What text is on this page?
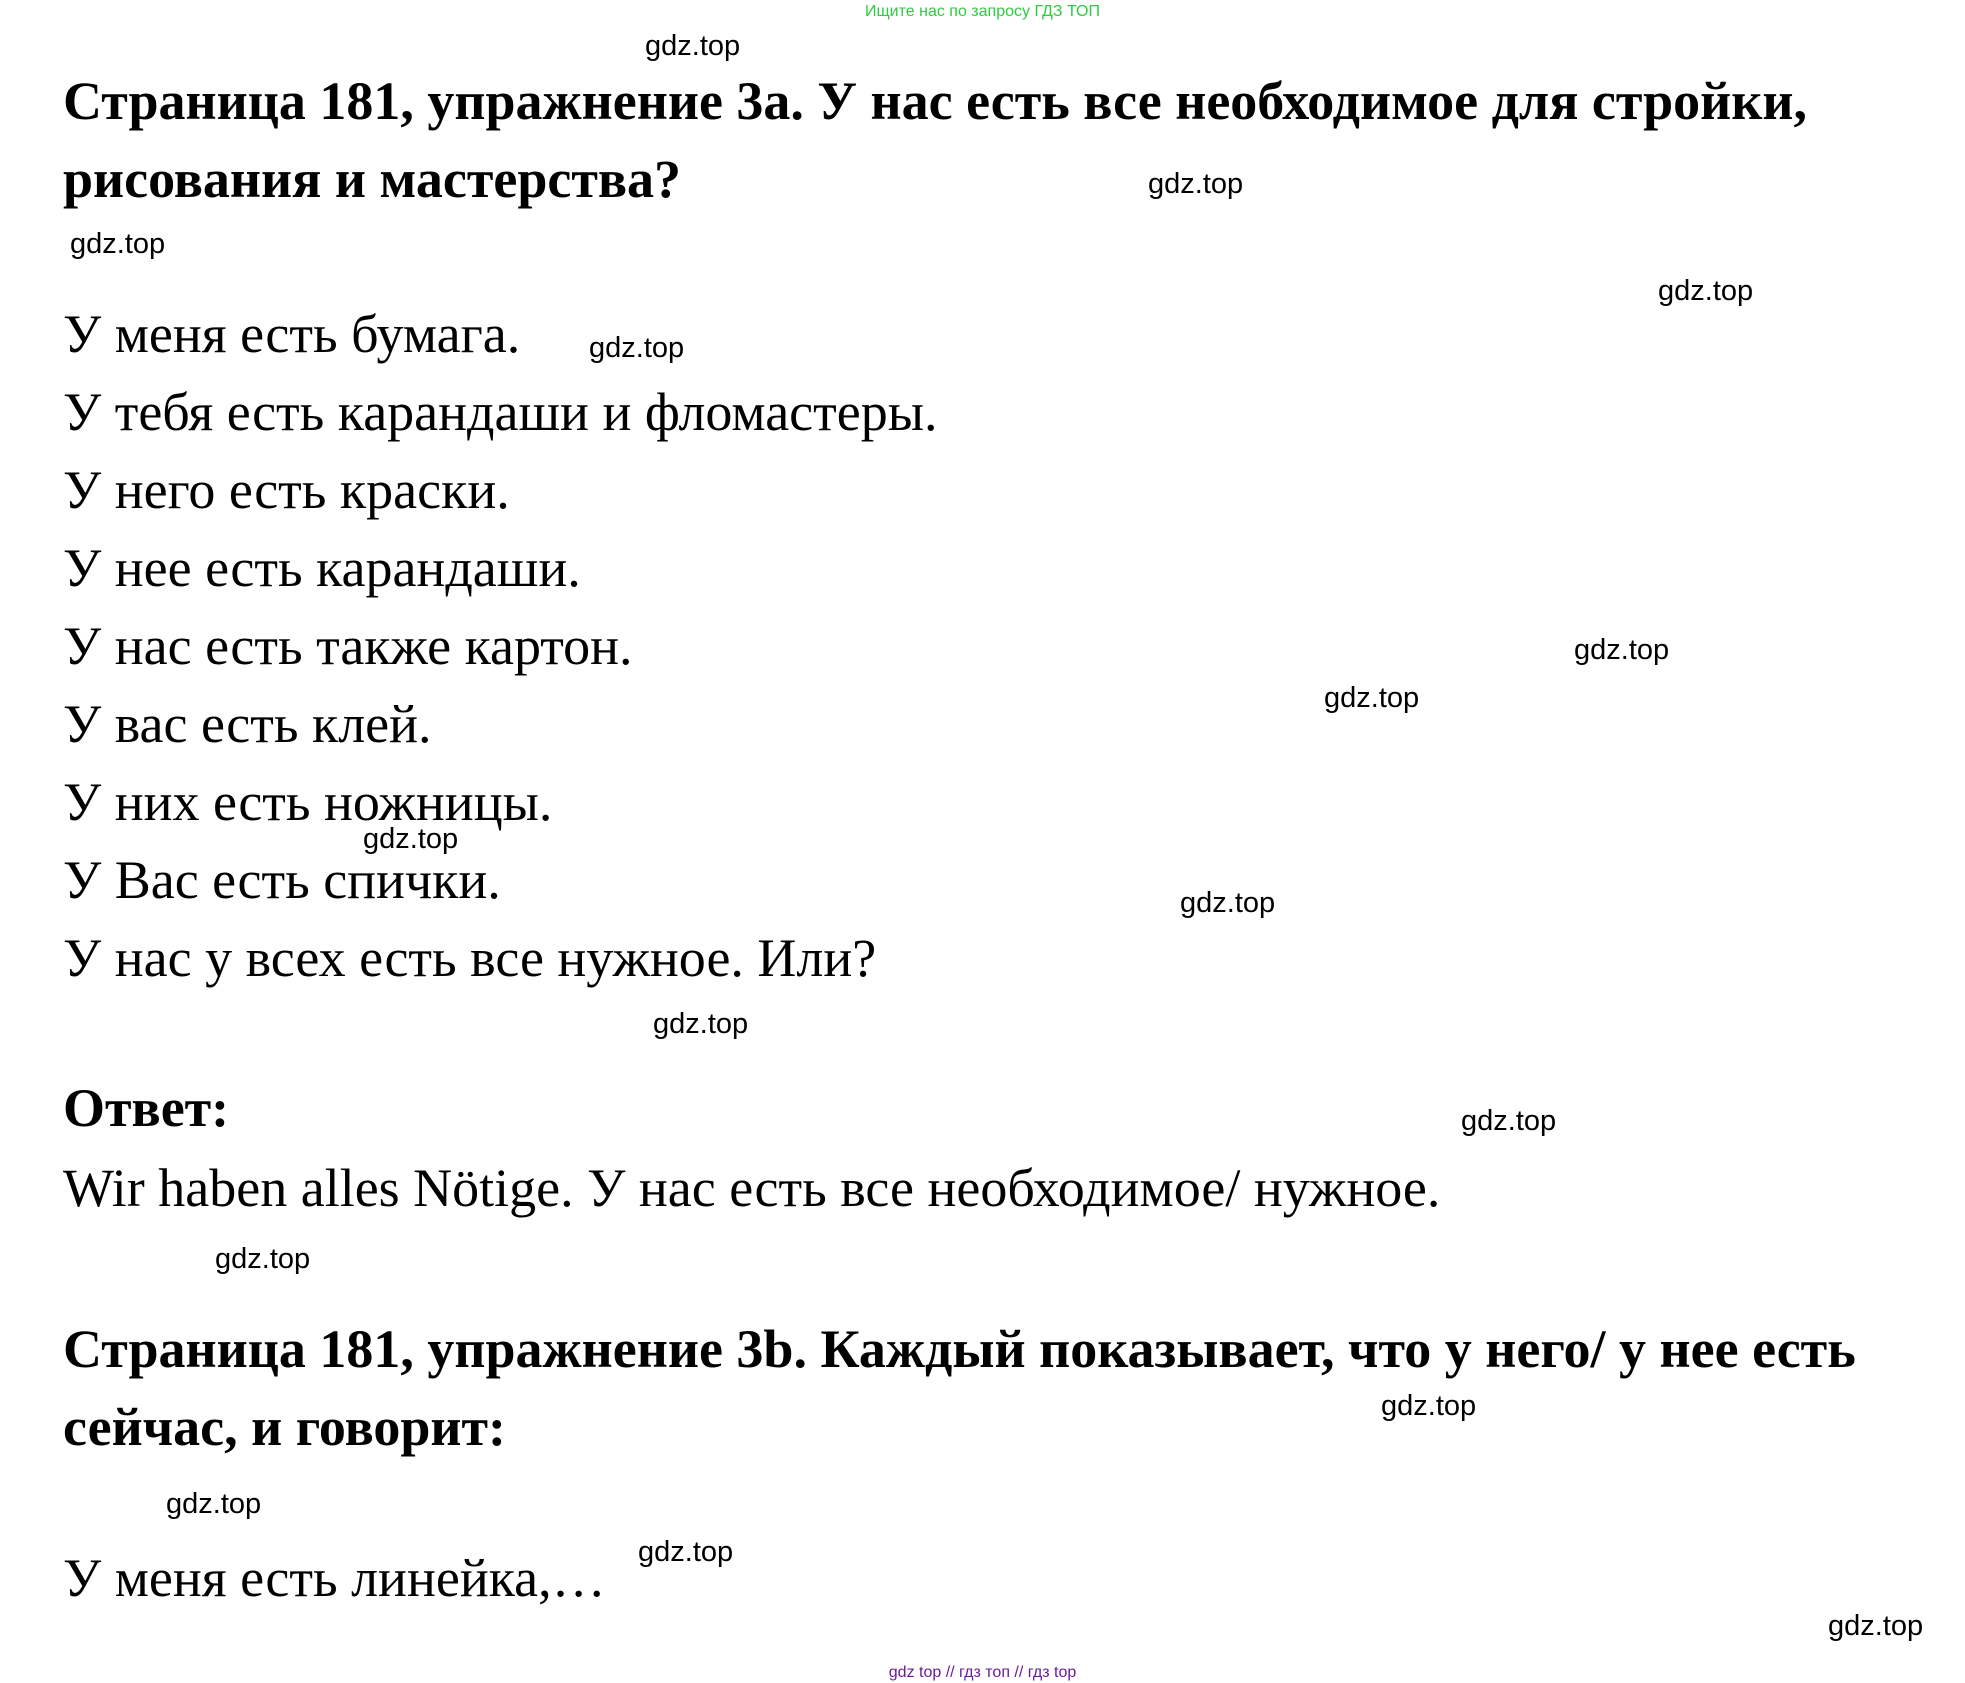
Ищите нас по запросу ГДЗ ТОП
Страница 181, упражнение 3a. У нас есть все необходимое для стройки, рисования и мастерства?
У меня есть бумага.
У тебя есть карандаши и фломастеры.
У него есть краски.
У нее есть карандаши.
У нас есть также картон.
У вас есть клей.
У них есть ножницы.
У Вас есть спички.
У нас у всех есть все нужное. Или?
Ответ:
Wir haben alles Nötige. У нас есть все необходимое/ нужное.
Страница 181, упражнение 3b. Каждый показывает, что у него/ у нее есть сейчас, и говорит:
У меня есть линейка,…
gdz.top
gdz.top
gdz.top
gdz.top
gdz.top
gdz.top
gdz.top
gdz.top
gdz.top
gdz.top
gdz.top
gdz.top
gdz.top
gdz.top
gdz.top
gdz.top
gdz top // гдз топ // гдз top
